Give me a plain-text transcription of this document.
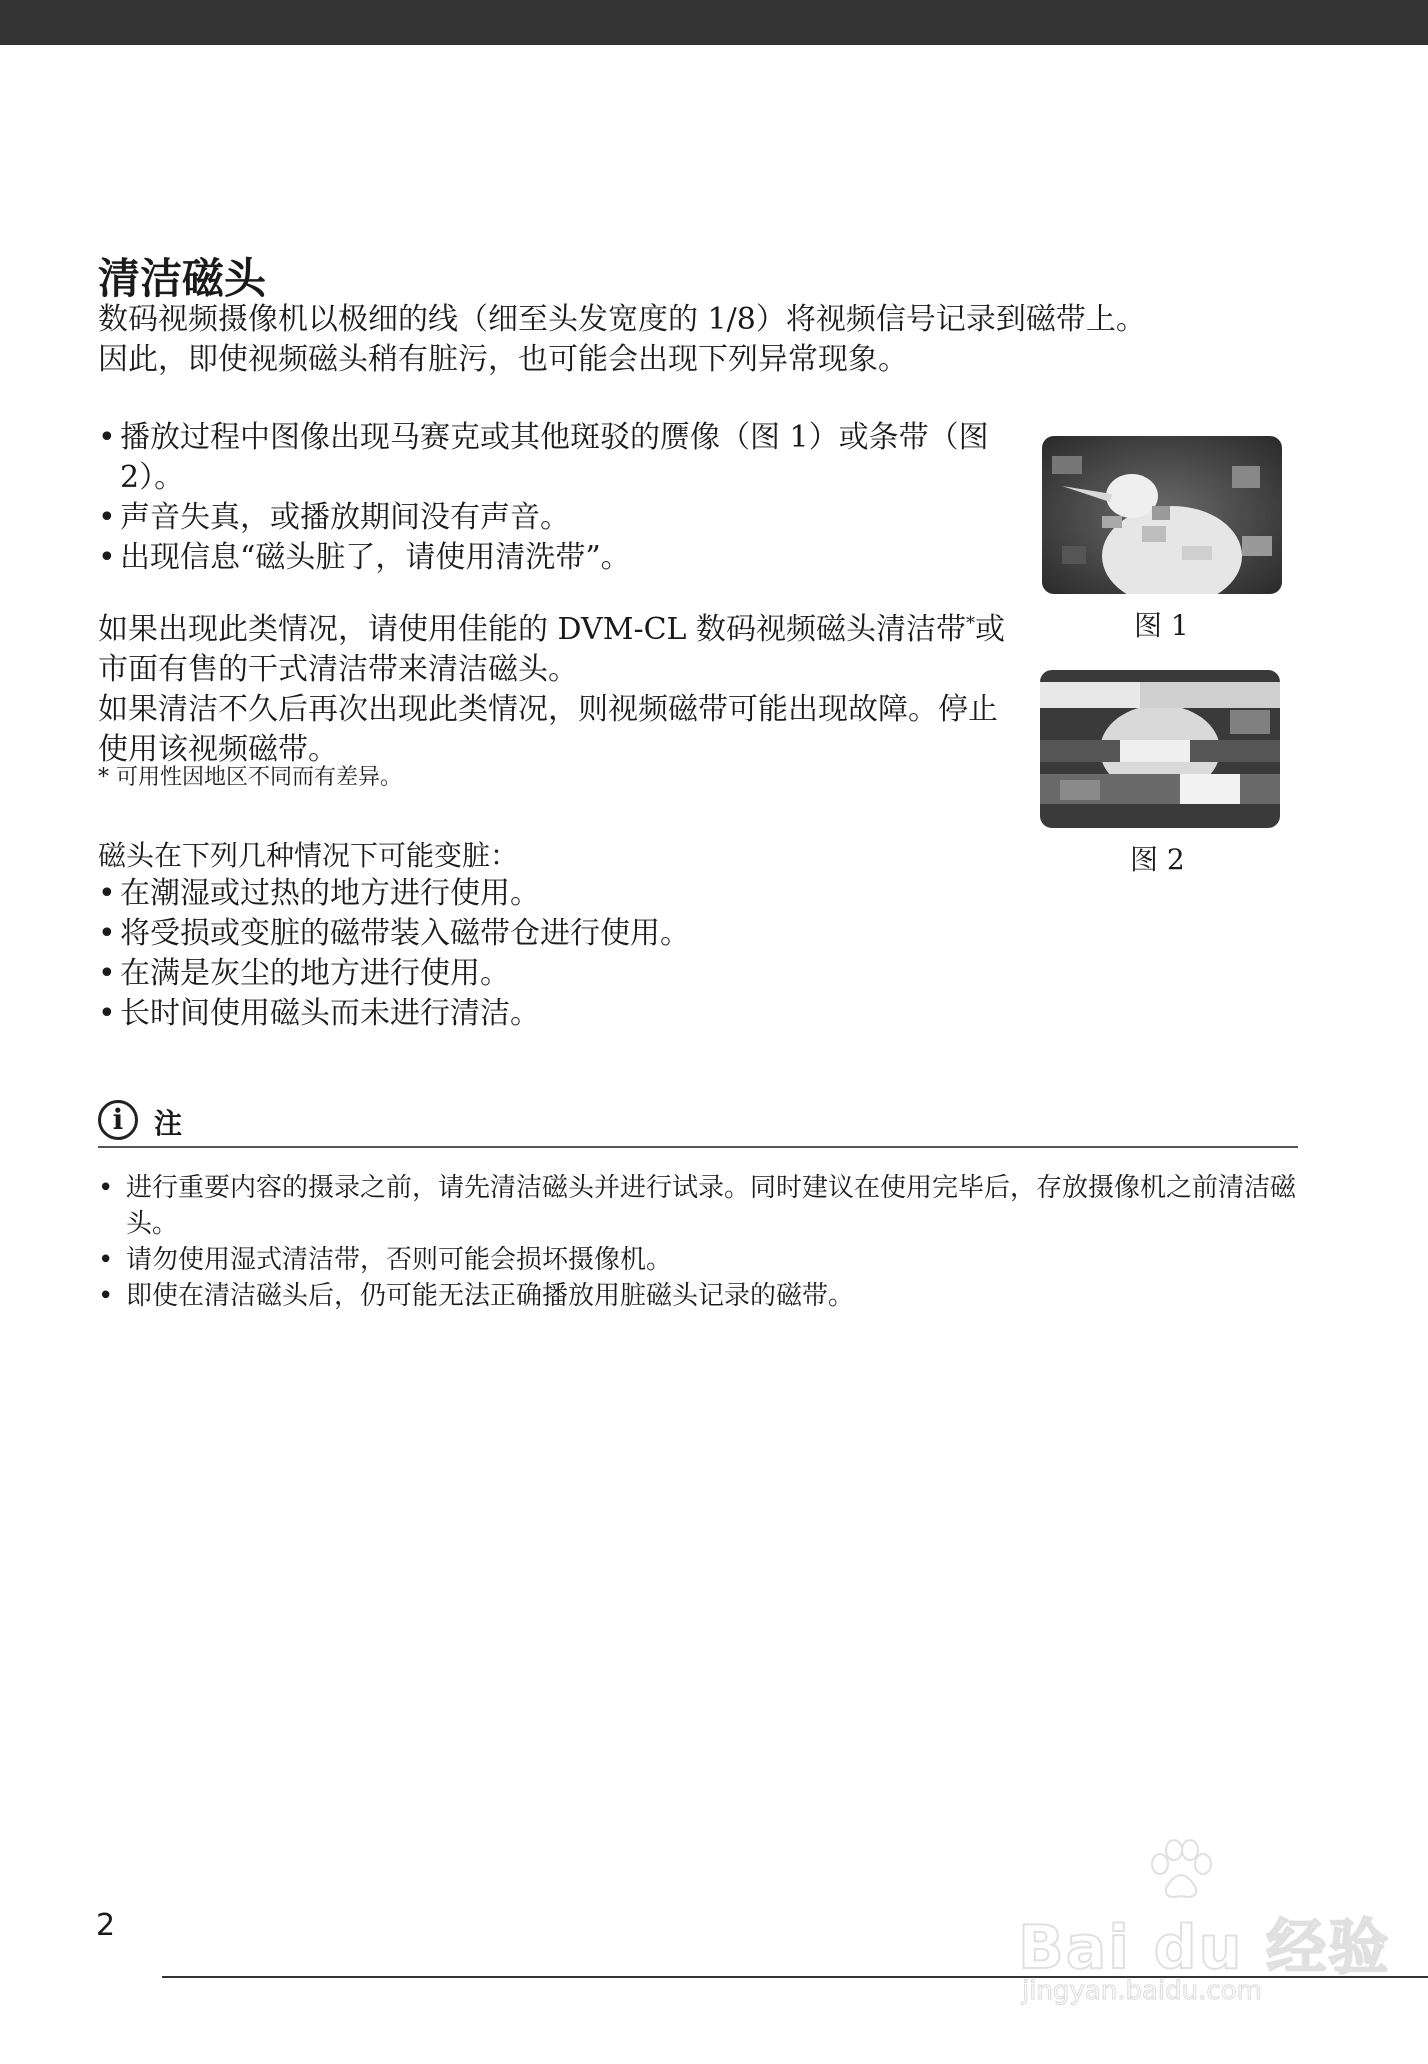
清洁磁头

数码视频摄像机以极细的线（细至头发宽度的 1/8）将视频信号记录到磁带上。

因此，即使视频磁头稍有脏污，也可能会出现下列异常现象。

• 播放过程中图像出现马赛克或其他斑驳的赝像（图 1）或条带（图 2）。
• 声音失真，或播放期间没有声音。
• 出现信息“磁头脏了，请使用清洗带”。

如果出现此类情况，请使用佳能的 DVM-CL 数码视频磁头清洁带*或市面有售的干式清洁带来清洁磁头。

如果清洁不久后再次出现此类情况，则视频磁带可能出现故障。停止使用该视频磁带。

* 可用性因地区不同而有差异。

磁头在下列几种情况下可能变脏：

• 在潮湿或过热的地方进行使用。
• 将受损或变脏的磁带装入磁带仓进行使用。
• 在满是灰尘的地方进行使用。
• 长时间使用磁头而未进行清洁。
图 1
图 2
i	注
• 进行重要内容的摄录之前，请先清洁磁头并进行试录。同时建议在使用完毕后，存放摄像机之前清洁磁头。
• 请勿使用湿式清洁带，否则可能会损坏摄像机。
• 即使在清洁磁头后，仍可能无法正确播放用脏磁头记录的磁带。
2	Bai du 经验
jingyan.baidu.com
